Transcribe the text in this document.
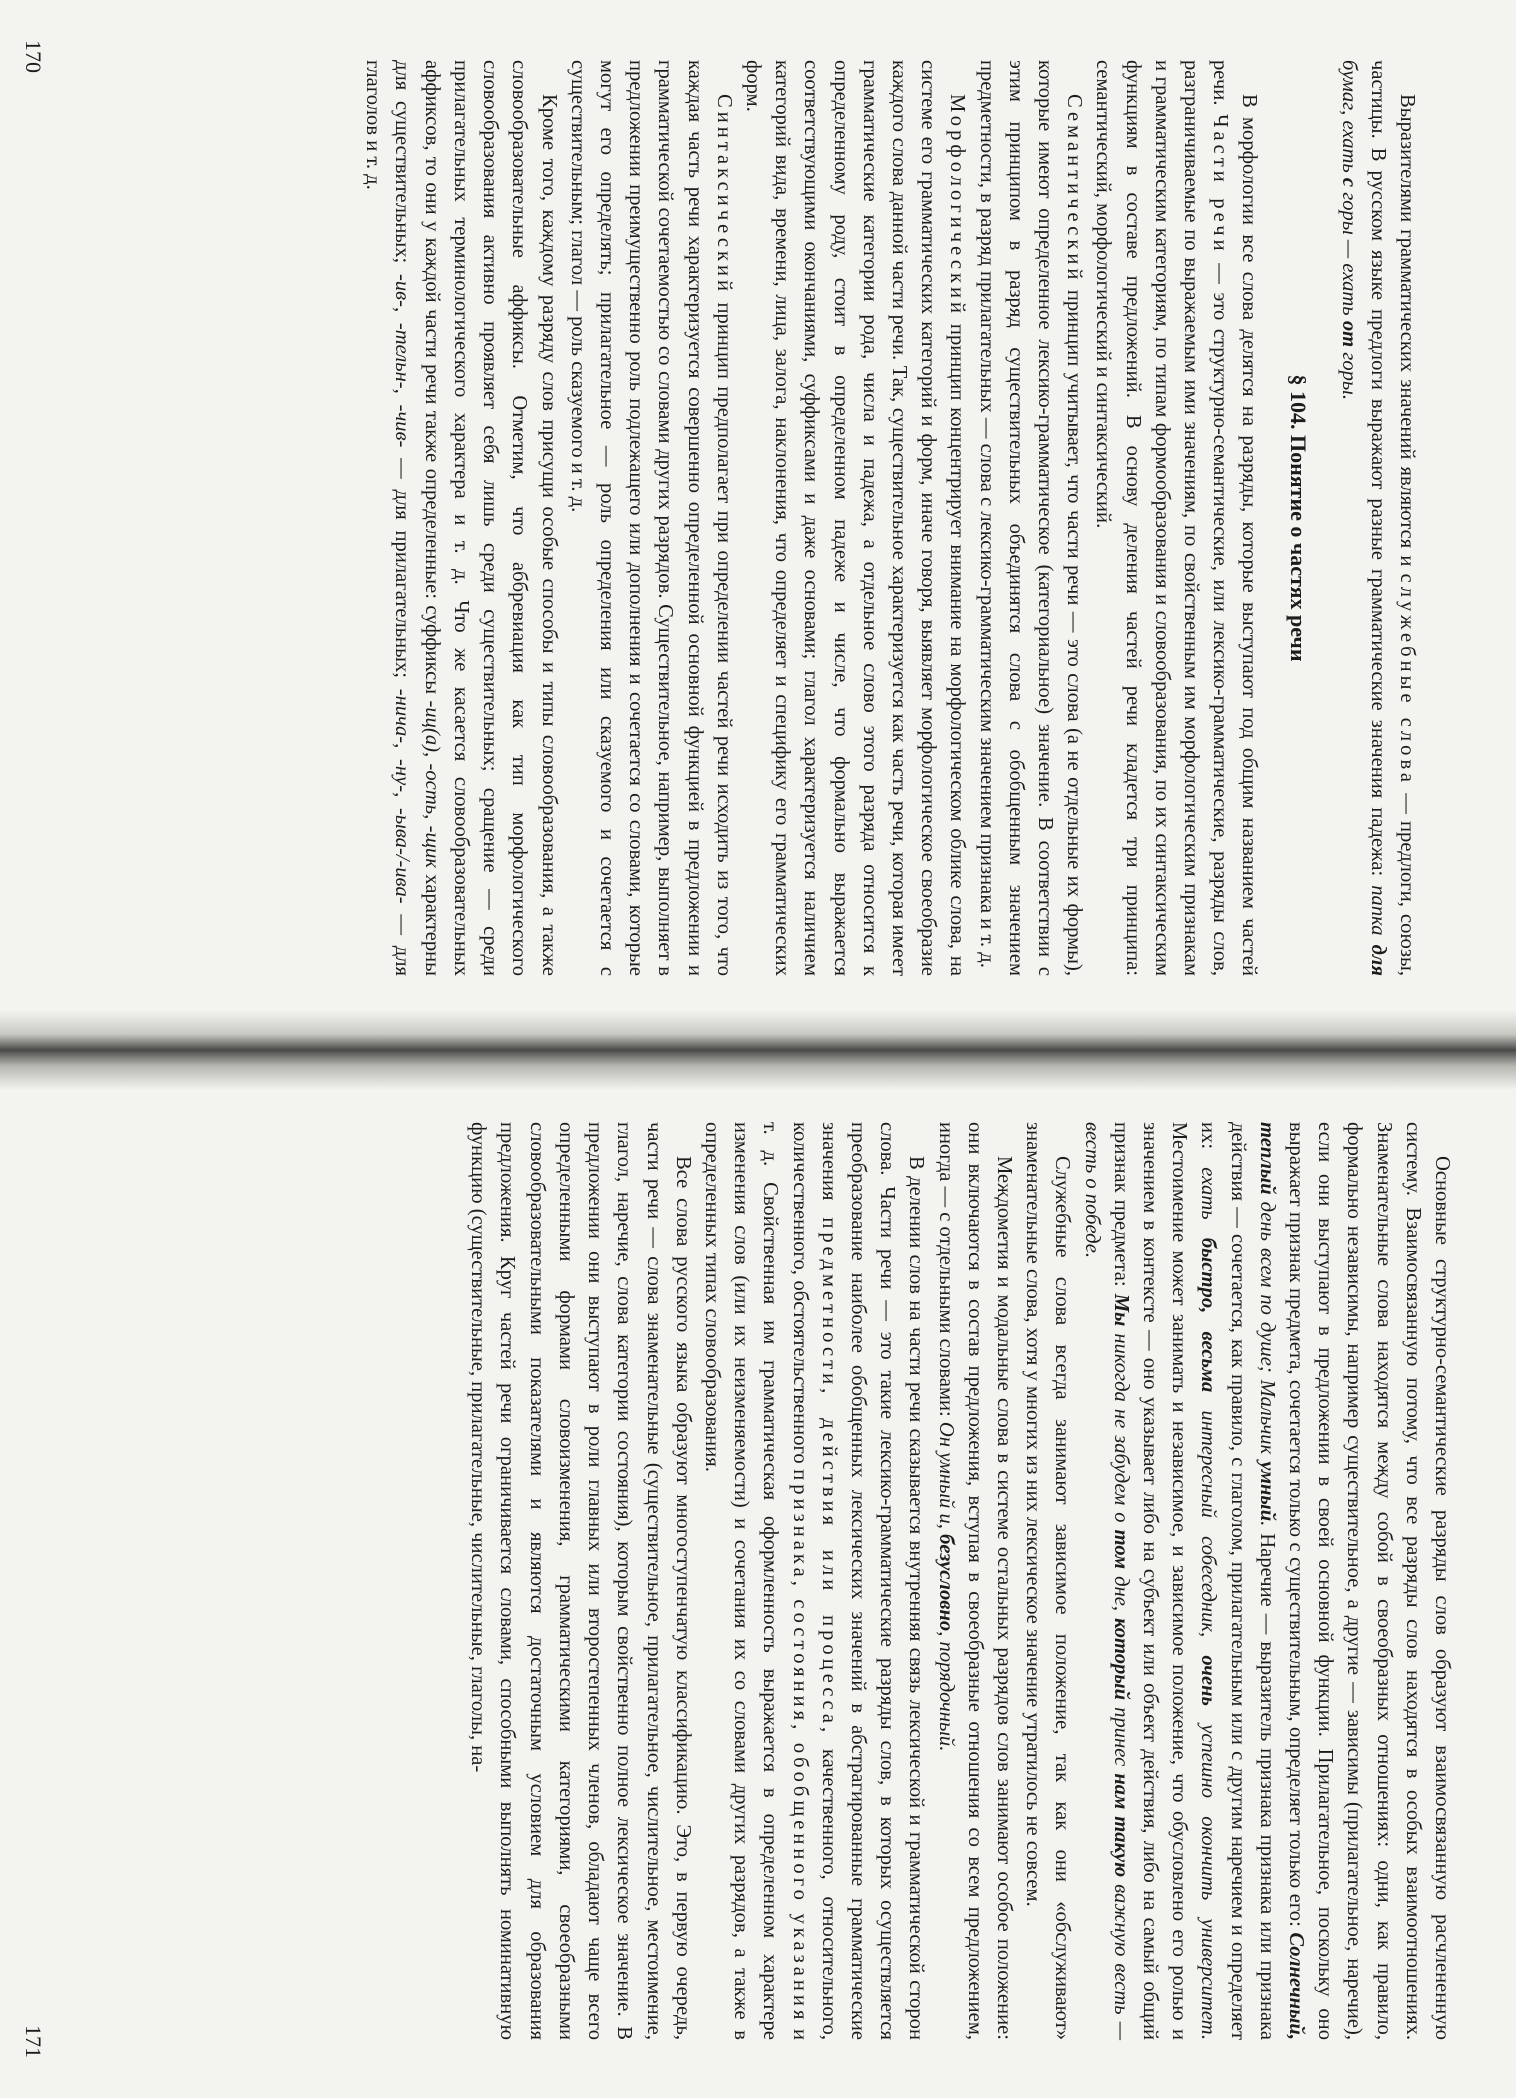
Выразителями грамматических значений являются и служебные слова — предлоги, союзы, частицы. В русском языке предлоги выражают разные грамматические значения падежа: папка для бумаг, ехать с горы — ехать от горы.

§ 104. Понятие о частях речи

В морфологии все слова делятся на разряды, которые выступают под общим названием частей речи. Части речи — это структурно-семантические, или лексико-грамматические, разряды слов, разграничиваемые по выражаемым ими значениям, по свойственным им морфологическим признакам и грамматическим категориям, по типам формообразования и словообразования, по их синтаксическим функциям в составе предложений. В основу деления частей речи кладется три принципа: семантический, морфологический и синтаксический.

Семантический принцип учитывает, что части речи — это слова (а не отдельные их формы), которые имеют определенное лексико-грамматическое (категориальное) значение. В соответствии с этим принципом в разряд существительных объединятся слова с обобщенным значением предметности, в разряд прилагательных — слова с лексико-грамматическим значением признака и т. д.

Морфологический принцип концентрирует внимание на морфологическом облике слова, на системе его грамматических категорий и форм, иначе говоря, выявляет морфологическое своеобразие каждого слова данной части речи. Так, существительное характеризуется как часть речи, которая имеет грамматические категории рода, числа и падежа, а отдельное слово этого разряда относится к определенному роду, стоит в определенном падеже и числе, что формально выражается соответствующими окончаниями, суффиксами и даже основами; глагол характеризуется наличием категорий вида, времени, лица, залога, наклонения, что определяет и специфику его грамматических форм.

Синтаксический принцип предполагает при определении частей речи исходить из того, что каждая часть речи характеризуется совершенно определенной основной функцией в предложении и грамматической сочетаемостью со словами других разрядов. Существительное, например, выполняет в предложении преимущественно роль подлежащего или дополнения и сочетается со словами, которые могут его определять; прилагательное — роль определения или сказуемого и сочетается с существительным; глагол — роль сказуемого и т. д.

Кроме того, каждому разряду слов присущи особые способы и типы словообразования, а также словообразовательные аффиксы. Отметим, что аббревиация как тип морфологического словообразования активно проявляет себя лишь среди существительных; сращение — среди прилагательных терминологического характера и т. д. Что же касается словообразовательных аффиксов, то они у каждой части речи также определенные: суффиксы -иц(а), -ость, -щик характерны для существительных; -ив-, -тельн-, -чив- — для прилагательных; -ничa-, -ну-, -ыва-/-ива- — для глаголов и т. д.

170

Основные структурно-семантические разряды слов образуют взаимосвязанную расчлененную систему. Взаимосвязанную потому, что все разряды слов находятся в особых взаимоотношениях. Знаменательные слова находятся между собой в своеобразных отношениях: одни, как правило, формально независимы, например существительное, а другие — зависимы (прилагательное, наречие), если они выступают в предложении в своей основной функции. Прилагательное, поскольку оно выражает признак предмета, сочетается только с существительным, определяет только его: Солнечный, теплый день всем по душе; Мальчик умный. Наречие — выразитель признака признака или признака действия — сочетается, как правило, с глаголом, прилагательным или с другим наречием и определяет их: ехать быстро, весьма интересный собеседник, очень успешно окончить университет. Местоимение может занимать и независимое, и зависимое положение, что обусловлено его ролью и значением в контексте — оно указывает либо на субъект или объект действия, либо на самый общий признак предмета: Мы никогда не забудем о том дне, который принес нам такую важную весть — весть о победе.

Служебные слова всегда занимают зависимое положение, так как они «обслуживают» знаменательные слова, хотя у многих из них лексическое значение утратилось не совсем.

Междометия и модальные слова в системе остальных разрядов слов занимают особое положение: они включаются в состав предложения, вступая в своеобразные отношения со всем предложением, иногда — с отдельными словами: Он умный и, безусловно, порядочный.

В делении слов на части речи сказывается внутренняя связь лексической и грамматической сторон слова. Части речи — это такие лексико-грамматические разряды слов, в которых осуществляется преобразование наиболее обобщенных лексических значений в абстрагированные грамматические значения предметности, действия или процесса, качественного, относительного, количественного, обстоятельственного признака, состояния, обобщенного указания и т. д. Свойственная им грамматическая оформленность выражается в определенном характере изменения слов (или их неизменяемости) и сочетания их со словами других разрядов, а также в определенных типах словообразования.

Все слова русского языка образуют многоступенчатую классификацию. Это, в первую очередь, части речи — слова знаменательные (существительное, прилагательное, числительное, местоимение, глагол, наречие, слова категории состояния), которым свойственно полное лексическое значение. В предложении они выступают в роли главных или второстепенных членов, обладают чаще всего определенными формами словоизменения, грамматическими категориями, своеобразными словообразовательными показателями и являются достаточным условием для образования предложения. Круг частей речи ограничивается словами, способными выполнять номинативную функцию (существительные, прилагательные, числительные, глаголы, на-

171
